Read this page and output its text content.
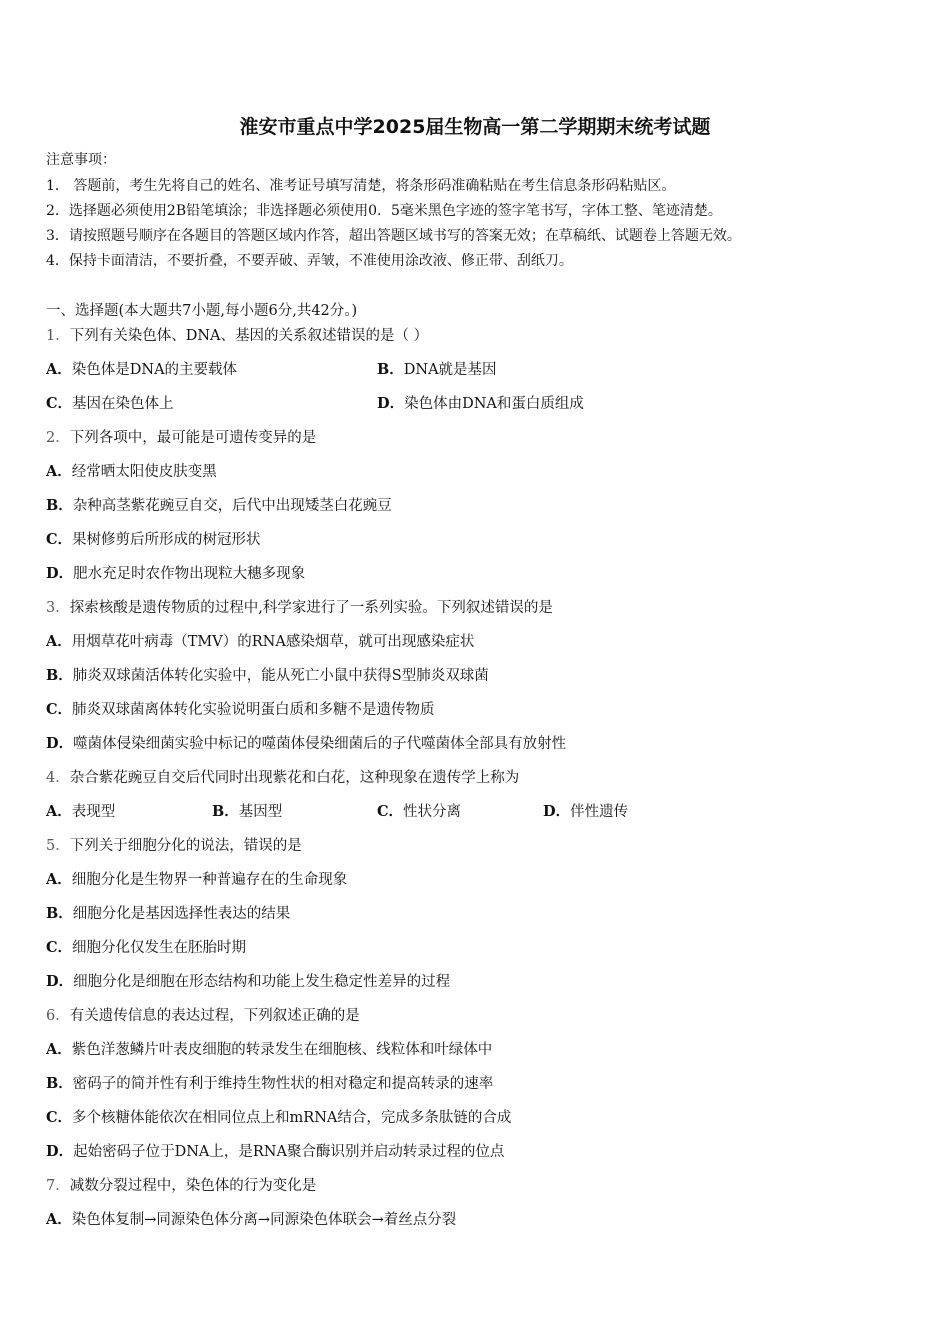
淮安市重点中学2025届生物高一第二学期期末统考试题
注意事项：
1． 答题前，考生先将自己的姓名、准考证号填写清楚，将条形码准确粘贴在考生信息条形码粘贴区。
2．选择题必须使用2B铅笔填涂；非选择题必须使用0．5毫米黑色字迹的签字笔书写，字体工整、笔迹清楚。
3．请按照题号顺序在各题目的答题区域内作答，超出答题区域书写的答案无效；在草稿纸、试题卷上答题无效。
4．保持卡面清洁，不要折叠，不要弄破、弄皱，不准使用涂改液、修正带、刮纸刀。
一、选择题(本大题共7小题,每小题6分,共42分。)
1．下列有关染色体、DNA、基因的关系叙述错误的是（ ）
A．染色体是DNA的主要载体	B．DNA就是基因
C．基因在染色体上	D．染色体由DNA和蛋白质组成
2．下列各项中，最可能是可遗传变异的是
A．经常晒太阳使皮肤变黑
B．杂种高茎紫花豌豆自交，后代中出现矮茎白花豌豆
C．果树修剪后所形成的树冠形状
D．肥水充足时农作物出现粒大穗多现象
3．探索核酸是遗传物质的过程中,科学家进行了一系列实验。下列叙述错误的是
A．用烟草花叶病毒（TMV）的RNA感染烟草，就可出现感染症状
B．肺炎双球菌活体转化实验中，能从死亡小鼠中获得S型肺炎双球菌
C．肺炎双球菌离体转化实验说明蛋白质和多糖不是遗传物质
D．噬菌体侵染细菌实验中标记的噬菌体侵染细菌后的子代噬菌体全部具有放射性
4．杂合紫花豌豆自交后代同时出现紫花和白花，这种现象在遗传学上称为
A．表现型	B．基因型	C．性状分离	D．伴性遗传
5．下列关于细胞分化的说法，错误的是
A．细胞分化是生物界一种普遍存在的生命现象
B．细胞分化是基因选择性表达的结果
C．细胞分化仅发生在胚胎时期
D．细胞分化是细胞在形态结构和功能上发生稳定性差异的过程
6．有关遗传信息的表达过程，下列叙述正确的是
A．紫色洋葱鳞片叶表皮细胞的转录发生在细胞核、线粒体和叶绿体中
B．密码子的简并性有利于维持生物性状的相对稳定和提高转录的速率
C．多个核糖体能依次在相同位点上和mRNA结合，完成多条肽链的合成
D．起始密码子位于DNA上，是RNA聚合酶识别并启动转录过程的位点
7．减数分裂过程中，染色体的行为变化是
A．染色体复制→同源染色体分离→同源染色体联会→着丝点分裂
